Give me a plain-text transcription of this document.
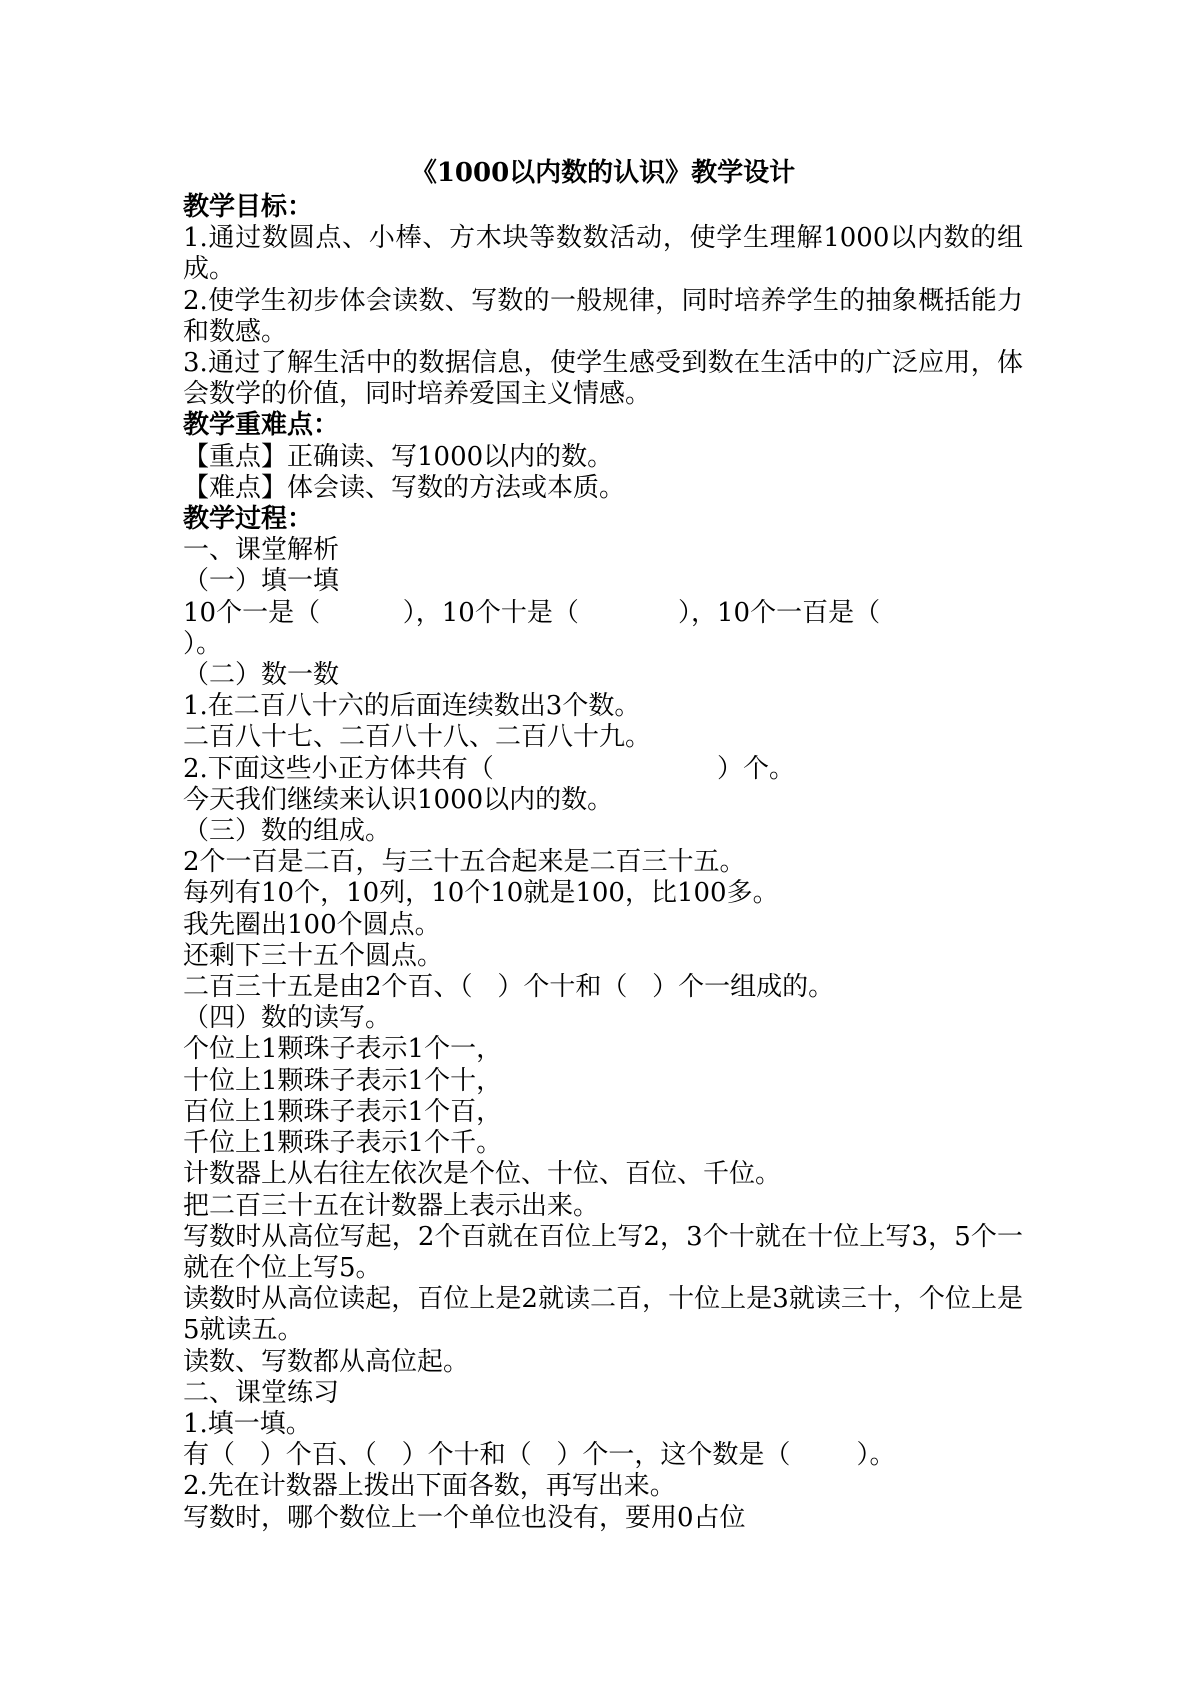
《1000以内数的认识》教学设计
教学目标：
1.通过数圆点、小棒、方木块等数数活动，使学生理解1000以内数的组成。
2.使学生初步体会读数、写数的一般规律，同时培养学生的抽象概括能力和数感。
3.通过了解生活中的数据信息，使学生感受到数在生活中的广泛应用，体会数学的价值，同时培养爱国主义情感。
教学重难点：
【重点】正确读、写1000以内的数。
【难点】体会读、写数的方法或本质。
教学过程：
一、课堂解析
（一）填一填
10个一是（          ），10个十是（            ），10个一百是（
）。
（二）数一数
1.在二百八十六的后面连续数出3个数。
二百八十七、二百八十八、二百八十九。
2.下面这些小正方体共有（                           ）个。
今天我们继续来认识1000以内的数。
（三）数的组成。
2个一百是二百，与三十五合起来是二百三十五。
每列有10个，10列，10个10就是100，比100多。
我先圈出100个圆点。
还剩下三十五个圆点。
二百三十五是由2个百、（   ）个十和（   ）个一组成的。
（四）数的读写。
个位上1颗珠子表示1个一，
十位上1颗珠子表示1个十，
百位上1颗珠子表示1个百，
千位上1颗珠子表示1个千。
计数器上从右往左依次是个位、十位、百位、千位。
把二百三十五在计数器上表示出来。
写数时从高位写起，2个百就在百位上写2，3个十就在十位上写3，5个一就在个位上写5。
读数时从高位读起，百位上是2就读二百，十位上是3就读三十，个位上是5就读五。
读数、写数都从高位起。
二、课堂练习
1.填一填。
有（   ）个百、（   ）个十和（   ）个一，这个数是（        ）。
2.先在计数器上拨出下面各数，再写出来。
写数时，哪个数位上一个单位也没有，要用0占位
